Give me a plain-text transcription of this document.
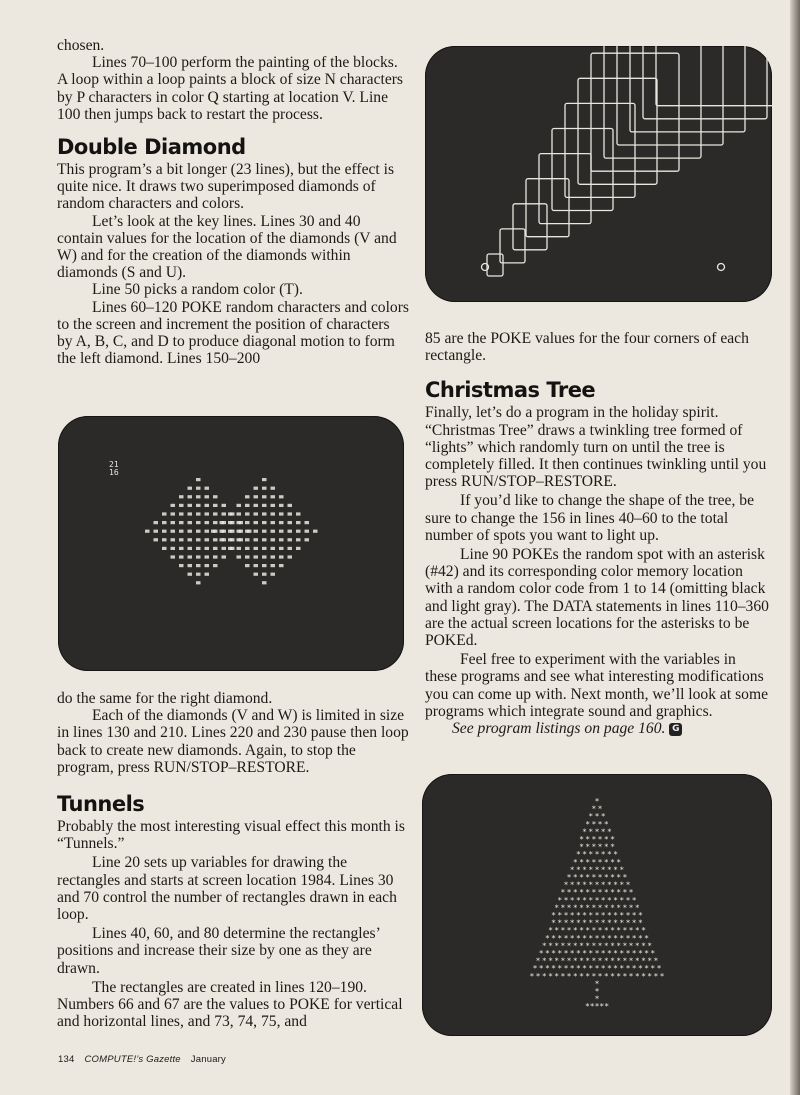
chosen.

Lines 70–100 perform the painting of the blocks. A loop within a loop paints a block of size N characters by P characters in color Q starting at location V. Line 100 then jumps back to restart the process.

Double Diamond

This program’s a bit longer (23 lines), but the effect is quite nice. It draws two superimposed diamonds of random characters and colors.

Let’s look at the key lines. Lines 30 and 40 contain values for the location of the diamonds (V and W) and for the creation of the diamonds within diamonds (S and U).

Line 50 picks a random color (T).

Lines 60–120 POKE random characters and colors to the screen and increment the position of characters by A, B, C, and D to produce diagonal motion to form the left diamond. Lines 150–200

21
16

do the same for the right diamond.

Each of the diamonds (V and W) is limited in size in lines 130 and 210. Lines 220 and 230 pause then loop back to create new diamonds. Again, to stop the program, press RUN/STOP–RESTORE.

Tunnels

Probably the most interesting visual effect this month is “Tunnels.”

Line 20 sets up variables for drawing the rectangles and starts at screen location 1984. Lines 30 and 70 control the number of rectangles drawn in each loop.

Lines 40, 60, and 80 determine the rectangles’ positions and increase their size by one as they are drawn.

The rectangles are created in lines 120–190. Numbers 66 and 67 are the values to POKE for vertical and horizontal lines, and 73, 74, 75, and

85 are the POKE values for the four corners of each rectangle.

Christmas Tree

Finally, let’s do a program in the holiday spirit. “Christmas Tree” draws a twinkling tree formed of “lights” which randomly turn on until the tree is completely filled. It then continues twinkling until you press RUN/STOP–RESTORE.

If you’d like to change the shape of the tree, be sure to change the 156 in lines 40–60 to the total number of spots you want to light up.

Line 90 POKEs the random spot with an asterisk (#42) and its corresponding color memory location with a random color code from 1 to 14 (omitting black and light gray). The DATA statements in lines 110–360 are the actual screen locations for the asterisks to be POKEd.

Feel free to experiment with the variables in these programs and see what interesting modifications you can come up with. Next month, we’ll look at some programs which integrate sound and graphics.

See program listings on page 160. G

*
* *
* * *
* * * *
* * * * *
* * * * * *
* * * * * *
* * * * * * *
* * * * * * * *
* * * * * * * * *
* * * * * * * * * *
* * * * * * * * * * *
* * * * * * * * * * * *
* * * * * * * * * * * * *
* * * * * * * * * * * * * *
* * * * * * * * * * * * * * *
* * * * * * * * * * * * * * *
* * * * * * * * * * * * * * * *
* * * * * * * * * * * * * * * * *
* * * * * * * * * * * * * * * * * *
* * * * * * * * * * * * * * * * * * *
* * * * * * * * * * * * * * * * * * * *
* * * * * * * * * * * * * * * * * * * * *
* * * * * * * * * * * * * * * * * * * * * *
*
*
*
*****
134 COMPUTE!’s Gazette January
